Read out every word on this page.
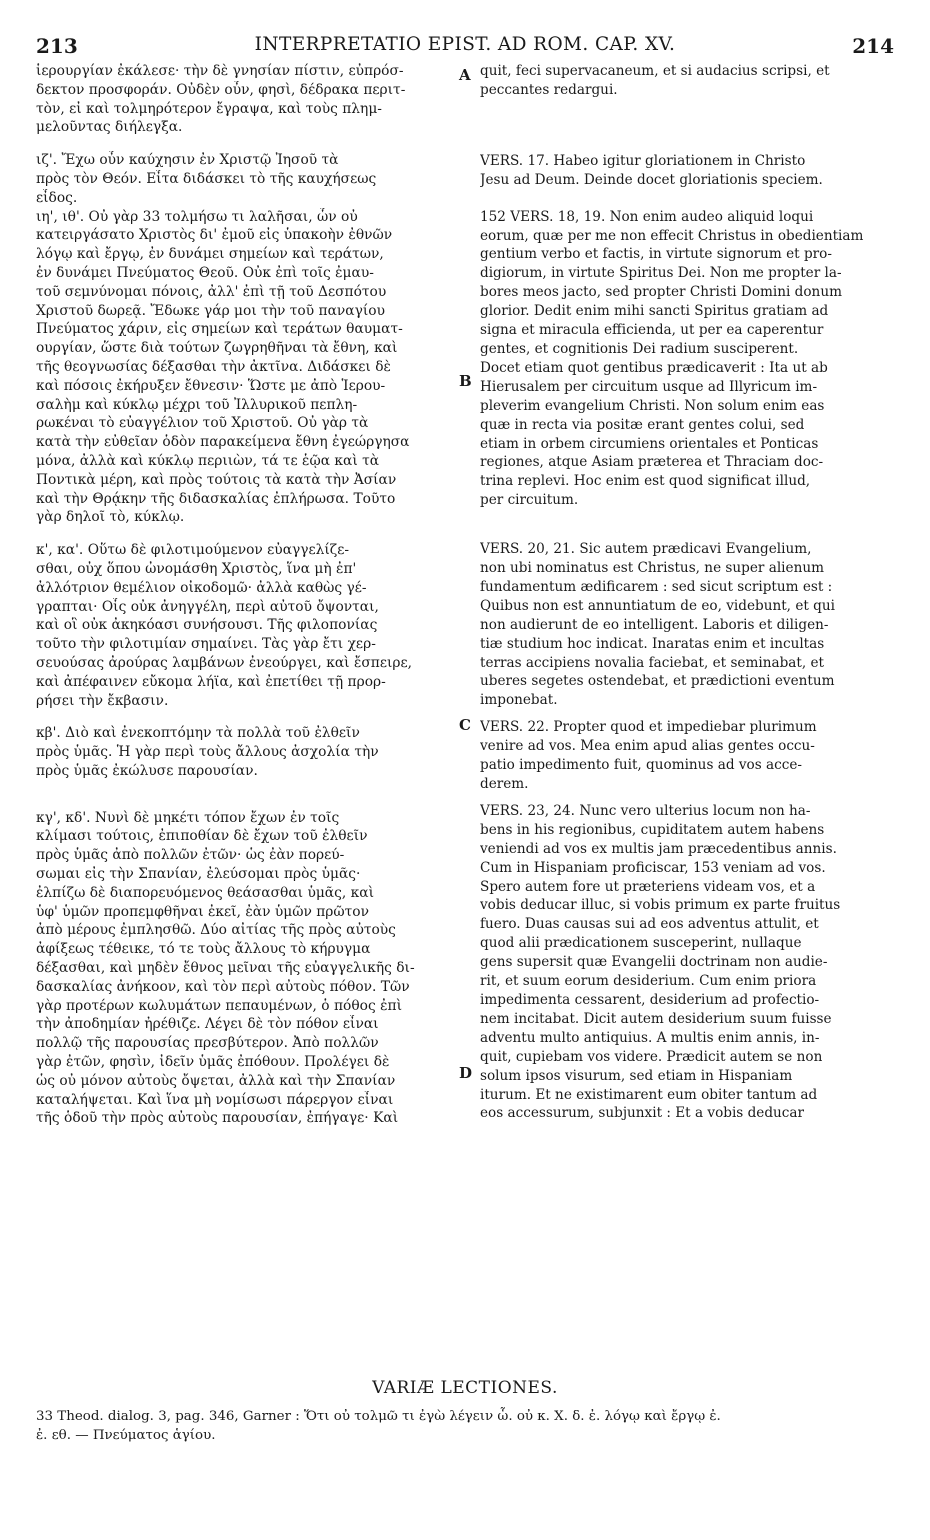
213	INTERPRETATIO EPIST. AD ROM. CAP. XV.	214

ἱερουργίαν ἐκάλεσε· τὴν δὲ γνησίαν πίστιν, εὐπρόσ-
δεκτον προσφοράν. Οὐδὲν οὖν, φησὶ, δέδρακα περιτ-
τὸν, εἰ καὶ τολμηρότερον ἔγραψα, καὶ τοὺς πλημ-
μελοῦντας διήλεγξα.

ιζ'. Ἔχω οὖν καύχησιν ἐν Χριστῷ Ἰησοῦ τὰ
πρὸς τὸν Θεόν. Εἶτα διδάσκει τὸ τῆς καυχήσεως
εἶδος.

ιη', ιθ'. Οὐ γὰρ 33 τολμήσω τι λαλῆσαι, ὧν οὐ
κατειργάσατο Χριστὸς δι' ἐμοῦ εἰς ὑπακοὴν ἐθνῶν
λόγῳ καὶ ἔργῳ, ἐν δυνάμει σημείων καὶ τεράτων,
ἐν δυνάμει Πνεύματος Θεοῦ. Οὐκ ἐπὶ τοῖς ἐμαυ-
τοῦ σεμνύνομαι πόνοις, ἀλλ' ἐπὶ τῇ τοῦ Δεσπότου
Χριστοῦ δωρεᾷ. Ἔδωκε γάρ μοι τὴν τοῦ παναγίου
Πνεύματος χάριν, εἰς σημείων καὶ τεράτων θαυματ-
ουργίαν, ὥστε διὰ τούτων ζωγρηθῆναι τὰ ἔθνη, καὶ
τῆς θεογνωσίας δέξασθαι τὴν ἀκτῖνα. Διδάσκει δὲ
καὶ πόσοις ἐκήρυξεν ἔθνεσιν· Ὥστε με ἀπὸ Ἱερου-
σαλὴμ καὶ κύκλῳ μέχρι τοῦ Ἰλλυρικοῦ πεπλη-
ρωκέναι τὸ εὐαγγέλιον τοῦ Χριστοῦ. Οὐ γὰρ τὰ
κατὰ τὴν εὐθεῖαν ὁδὸν παρακείμενα ἔθνη ἐγεώργησα
μόνα, ἀλλὰ καὶ κύκλῳ περιιὼν, τά τε ἑῷα καὶ τὰ
Ποντικὰ μέρη, καὶ πρὸς τούτοις τὰ κατὰ τὴν Ἀσίαν
καὶ τὴν Θρᾴκην τῆς διδασκαλίας ἐπλήρωσα. Τοῦτο
γὰρ δηλοῖ τὸ, κύκλῳ.

κ', κα'. Οὕτω δὲ φιλοτιμούμενον εὐαγγελίζε-
σθαι, οὐχ ὅπου ὠνομάσθη Χριστὸς, ἵνα μὴ ἐπ'
ἀλλότριον θεμέλιον οἰκοδομῶ· ἀλλὰ καθὼς γέ-
γραπται· Οἷς οὐκ ἀνηγγέλη, περὶ αὐτοῦ ὄψονται,
καὶ οἳ οὐκ ἀκηκόασι συνήσουσι. Τῆς φιλοπονίας
τοῦτο τὴν φιλοτιμίαν σημαίνει. Τὰς γὰρ ἔτι χερ-
σευούσας ἀρούρας λαμβάνων ἐνεούργει, καὶ ἔσπειρε,
καὶ ἀπέφαινεν εὔκομα λήϊα, καὶ ἐπετίθει τῇ προρ-
ρήσει τὴν ἔκβασιν.

κβ'. Διὸ καὶ ἐνεκοπτόμην τὰ πολλὰ τοῦ ἐλθεῖν
πρὸς ὑμᾶς. Ἡ γὰρ περὶ τοὺς ἄλλους ἀσχολία τὴν
πρὸς ὑμᾶς ἐκώλυσε παρουσίαν.

κγ', κδ'. Νυνὶ δὲ μηκέτι τόπον ἔχων ἐν τοῖς
κλίμασι τούτοις, ἐπιποθίαν δὲ ἔχων τοῦ ἐλθεῖν
πρὸς ὑμᾶς ἀπὸ πολλῶν ἐτῶν· ὡς ἐὰν πορεύ-
σωμαι εἰς τὴν Σπανίαν, ἐλεύσομαι πρὸς ὑμᾶς·
ἐλπίζω δὲ διαπορευόμενος θεάσασθαι ὑμᾶς, καὶ
ὑφ' ὑμῶν προπεμφθῆναι ἐκεῖ, ἐὰν ὑμῶν πρῶτον
ἀπὸ μέρους ἐμπλησθῶ. Δύο αἰτίας τῆς πρὸς αὐτοὺς
ἀφίξεως τέθεικε, τό τε τοὺς ἄλλους τὸ κήρυγμα
δέξασθαι, καὶ μηδὲν ἔθνος μεῖναι τῆς εὐαγγελικῆς δι-
δασκαλίας ἀνήκοον, καὶ τὸν περὶ αὐτοὺς πόθον. Τῶν
γὰρ προτέρων κωλυμάτων πεπαυμένων, ὁ πόθος ἐπὶ
τὴν ἀποδημίαν ἠρέθιζε. Λέγει δὲ τὸν πόθον εἶναι
πολλῷ τῆς παρουσίας πρεσβύτερον. Ἀπὸ πολλῶν
γὰρ ἐτῶν, φησὶν, ἰδεῖν ὑμᾶς ἐπόθουν. Προλέγει δὲ
ὡς οὐ μόνον αὐτοὺς ὄψεται, ἀλλὰ καὶ τὴν Σπανίαν
καταλήψεται. Καὶ ἵνα μὴ νομίσωσι πάρεργον εἶναι
τῆς ὁδοῦ τὴν πρὸς αὐτοὺς παρουσίαν, ἐπήγαγε· Καὶ

A
B
C
D

quit, feci supervacaneum, et si audacius scripsi, et
peccantes redargui.

VERS. 17. Habeo igitur gloriationem in Christo
Jesu ad Deum. Deinde docet gloriationis speciem.

152 VERS. 18, 19. Non enim audeo aliquid loqui
eorum, quæ per me non effecit Christus in obedientiam
gentium verbo et factis, in virtute signorum et pro-
digiorum, in virtute Spiritus Dei. Non me propter la-
bores meos jacto, sed propter Christi Domini donum
glorior. Dedit enim mihi sancti Spiritus gratiam ad
signa et miracula efficienda, ut per ea caperentur
gentes, et cognitionis Dei radium susciperent.
Docet etiam quot gentibus prædicaverit : Ita ut ab
Hierusalem per circuitum usque ad Illyricum im-
pleverim evangelium Christi. Non solum enim eas
quæ in recta via positæ erant gentes colui, sed
etiam in orbem circumiens orientales et Ponticas
regiones, atque Asiam præterea et Thraciam doc-
trina replevi. Hoc enim est quod significat illud,
per circuitum.

VERS. 20, 21. Sic autem prædicavi Evangelium,
non ubi nominatus est Christus, ne super alienum
fundamentum ædificarem : sed sicut scriptum est :
Quibus non est annuntiatum de eo, videbunt, et qui
non audierunt de eo intelligent. Laboris et diligen-
tiæ studium hoc indicat. Inaratas enim et incultas
terras accipiens novalia faciebat, et seminabat, et
uberes segetes ostendebat, et prædictioni eventum
imponebat.

VERS. 22. Propter quod et impediebar plurimum
venire ad vos. Mea enim apud alias gentes occu-
patio impedimento fuit, quominus ad vos acce-
derem.

VERS. 23, 24. Nunc vero ulterius locum non ha-
bens in his regionibus, cupiditatem autem habens
veniendi ad vos ex multis jam præcedentibus annis.
Cum in Hispaniam proficiscar, 153 veniam ad vos.
Spero autem fore ut præteriens videam vos, et a
vobis deducar illuc, si vobis primum ex parte fruitus
fuero. Duas causas sui ad eos adventus attulit, et
quod alii prædicationem susceperint, nullaque
gens supersit quæ Evangelii doctrinam non audie-
rit, et suum eorum desiderium. Cum enim priora
impedimenta cessarent, desiderium ad profectio-
nem incitabat. Dicit autem desiderium suum fuisse
adventu multo antiquius. A multis enim annis, in-
quit, cupiebam vos videre. Prædicit autem se non
solum ipsos visurum, sed etiam in Hispaniam
iturum. Et ne existimarent eum obiter tantum ad
eos accessurum, subjunxit : Et a vobis deducar

VARIÆ LECTIONES.
33 Theod. dialog. 3, pag. 346, Garner : Ὅτι οὐ τολμῶ τι ἐγὼ λέγειν ὧ. οὐ κ. Χ. δ. ἐ. λόγῳ καὶ ἔργῳ ἐ.
ἐ. εθ. — Πνεύματος ἁγίου.
